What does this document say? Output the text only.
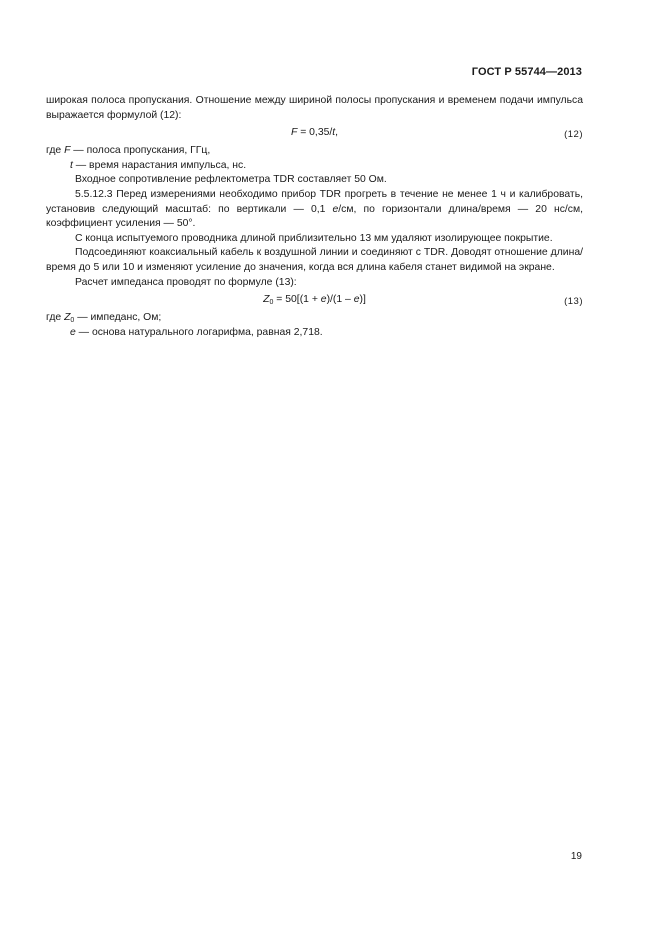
ГОСТ Р 55744—2013

широкая полоса пропускания. Отношение между шириной полосы пропускания и временем подачи импульса выражается формулой (12):

F = 0,35/t,	(12)

где F — полоса пропускания, ГГц,

t — время нарастания импульса, нс.

Входное сопротивление рефлектометра TDR составляет 50 Ом.

5.5.12.3 Перед измерениями необходимо прибор TDR прогреть в течение не менее 1 ч и калибровать, установив следующий масштаб: по вертикали — 0,1 e/см, по горизонтали длина/время — 20 нс/см, коэффициент усиления — 50°.

С конца испытуемого проводника длиной приблизительно 13 мм удаляют изолирующее покрытие.

Подсоединяют коаксиальный кабель к воздушной линии и соединяют с TDR. Доводят отношение длина/время до 5 или 10 и изменяют усиление до значения, когда вся длина кабеля станет видимой на экране.

Расчет импеданса проводят по формуле (13):

$Z_0 = 50[(1 + e)/(1 - e)]$	(13)

где $Z_0$ — импеданс, Ом;

e — основа натурального логарифма, равная 2,718.

19
